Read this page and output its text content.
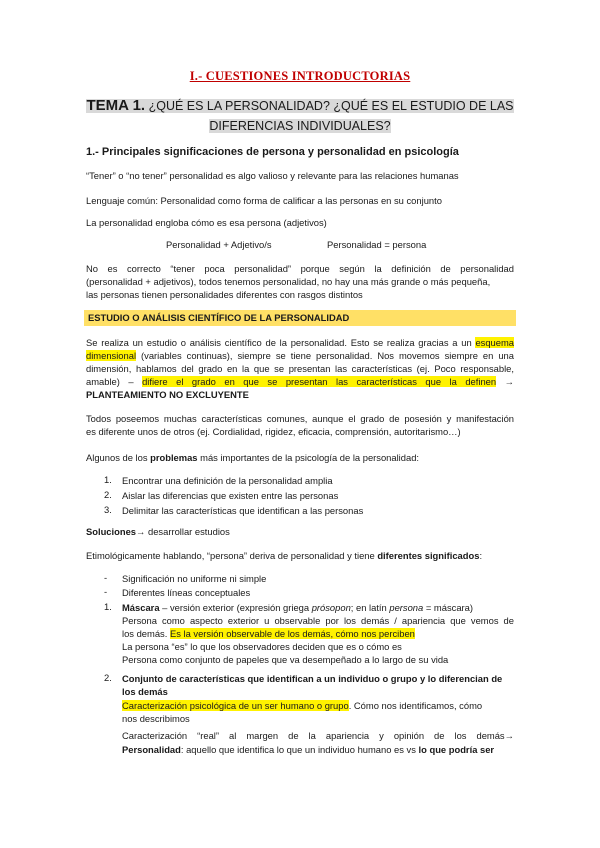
I.- CUESTIONES INTRODUCTORIAS
TEMA 1. ¿QUÉ ES LA PERSONALIDAD? ¿QUÉ ES EL ESTUDIO DE LAS
DIFERENCIAS INDIVIDUALES?
1.- Principales significaciones de persona y personalidad en psicología

“Tener” o “no tener” personalidad es algo valioso y relevante para las relaciones humanas

Lenguaje común: Personalidad como forma de calificar a las personas en su conjunto

La personalidad engloba cómo es esa persona (adjetivos)

Personalidad + Adjetivo/s	Personalidad = persona

No es correcto “tener poca personalidad” porque según la definición de personalidad

(personalidad + adjetivos), todos tenemos personalidad, no hay una más grande o más pequeña,

las personas tienen personalidades diferentes con rasgos distintos

ESTUDIO O ANÁLISIS CIENTÍFICO DE LA PERSONALIDAD

Se realiza un estudio o análisis científico de la personalidad. Esto se realiza gracias a un esquema

dimensional (variables continuas), siempre se tiene personalidad. Nos movemos siempre en una

dimensión, hablamos del grado en la que se presentan las características (ej. Poco responsable,

amable) – difiere el grado en que se presentan las características que la definen →

PLANTEAMIENTO NO EXCLUYENTE

Todos poseemos muchas características comunes, aunque el grado de posesión y manifestación

es diferente unos de otros (ej. Cordialidad, rigidez, eficacia, comprensión, autoritarismo…)

Algunos de los problemas más importantes de la psicología de la personalidad:

1. Encontrar una definición de la personalidad amplia
2. Aislar las diferencias que existen entre las personas
3. Delimitar las características que identifican a las personas

Soluciones→ desarrollar estudios

Etimológicamente hablando, “persona” deriva de personalidad y tiene diferentes significados:

- Significación no uniforme ni simple
- Diferentes líneas conceptuales
1. Máscara – versión exterior (expresión griega prósopon; en latín persona = máscara)
Persona como aspecto exterior u observable por los demás / apariencia que vemos de
los demás. Es la versión observable de los demás, cómo nos perciben
La persona “es” lo que los observadores deciden que es o cómo es
Persona como conjunto de papeles que va desempeñado a lo largo de su vida
2. Conjunto de características que identifican a un individuo o grupo y lo diferencian de
los demás
Caracterización psicológica de un ser humano o grupo. Cómo nos identificamos, cómo
nos describimos
Caracterización “real” al margen de la apariencia y opinión de los demás→
Personalidad: aquello que identifica lo que un individuo humano es vs lo que podría ser
